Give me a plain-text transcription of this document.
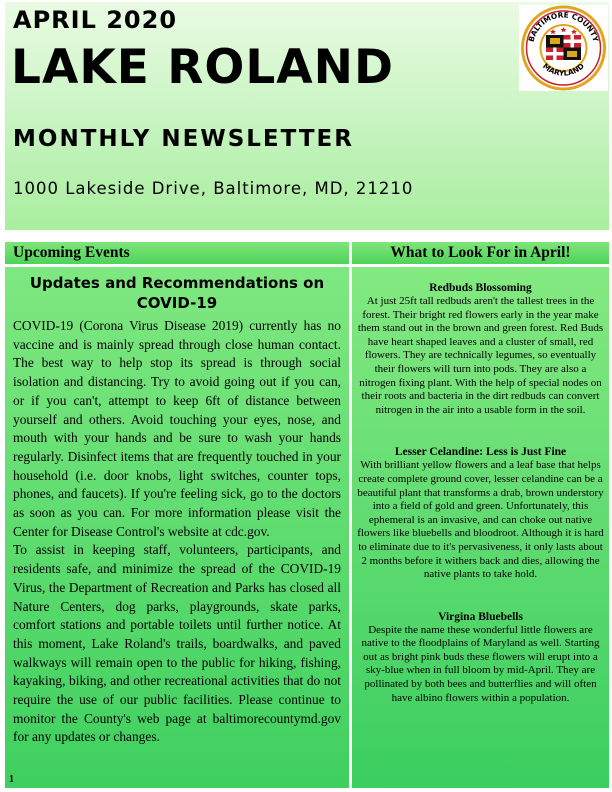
APRIL 2020
LAKE ROLAND
MONTHLY NEWSLETTER
1000 Lakeside Drive, Baltimore, MD, 21210
BALTIMORE COUNTY
MARYLAND
Upcoming Events	What to Look For in April!
Updates and Recommendations on
COVID-19

COVID-19 (Corona Virus Disease 2019) currently has no vaccine and is mainly spread through close human contact. The best way to help stop its spread is through social isolation and distancing. Try to avoid going out if you can, or if you can't, attempt to keep 6ft of distance between yourself and others. Avoid touching your eyes, nose, and mouth with your hands and be sure to wash your hands regularly. Disinfect items that are frequently touched in your household (i.e. door knobs, light switches, counter tops, phones, and faucets). If you're feeling sick, go to the doctors as soon as you can. For more information please visit the Center for Disease Control's website at cdc.gov.

To assist in keeping staff, volunteers, participants, and residents safe, and minimize the spread of the COVID-19 Virus, the Department of Recreation and Parks has closed all Nature Centers, dog parks, playgrounds, skate parks, comfort stations and portable toilets until further notice. At this moment, Lake Roland's trails, boardwalks, and paved walkways will remain open to the public for hiking, fishing, kayaking, biking, and other recreational activities that do not require the use of our public facilities. Please continue to monitor the County's web page at baltimorecountymd.gov for any updates or changes.

1

Redbuds Blossoming

At just 25ft tall redbuds aren't the tallest trees in the forest. Their bright red flowers early in the year make them stand out in the brown and green forest. Red Buds have heart shaped leaves and a cluster of small, red flowers. They are technically legumes, so eventually their flowers will turn into pods. They are also a nitrogen fixing plant. With the help of special nodes on their roots and bacteria in the dirt redbuds can convert nitrogen in the air into a usable form in the soil.

Lesser Celandine: Less is Just Fine

With brilliant yellow flowers and a leaf base that helps create complete ground cover, lesser celandine can be a beautiful plant that transforms a drab, brown understory into a field of gold and green. Unfortunately, this ephemeral is an invasive, and can choke out native flowers like bluebells and bloodroot. Although it is hard to eliminate due to it's pervasiveness, it only lasts about 2 months before it withers back and dies, allowing the native plants to take hold.

Virgina Bluebells

Despite the name these wonderful little flowers are native to the floodplains of Maryland as well. Starting out as bright pink buds these flowers will erupt into a sky-blue when in full bloom by mid-April. They are pollinated by both bees and butterflies and will often have albino flowers within a population.
